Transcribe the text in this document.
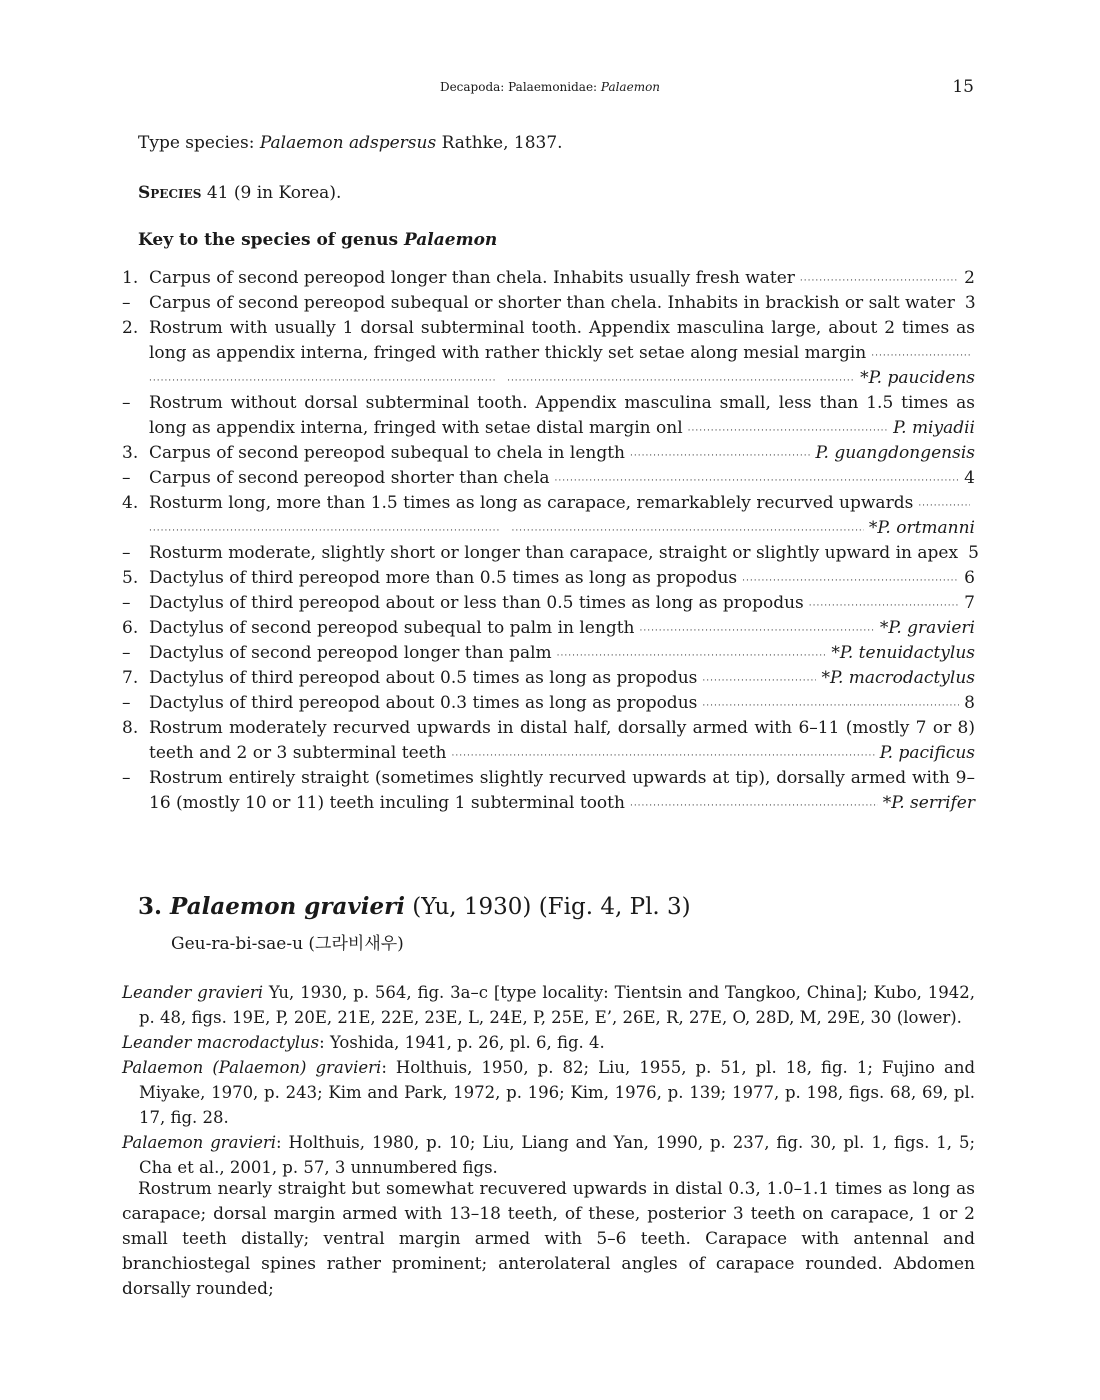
Decapoda: Palaemonidae: Palaemon	15
Type species: Palaemon adspersus Rathke, 1837.
Species 41 (9 in Korea).
Key to the species of genus Palaemon
1. Carpus of second pereopod longer than chela. Inhabits usually fresh water ·····	2
–	Carpus of second pereopod subequal or shorter than chela. Inhabits in brackish or salt water 3
2. Rostrum with usually 1 dorsal subterminal tooth. Appendix masculina large, about 2 times as
long as appendix interna, fringed with rather thickly set setae along mesial margin
·····
·····
·····
*P. paucidens
–	Rostrum without dorsal subterminal tooth. Appendix masculina small, less than 1.5 times as
long as appendix interna, fringed with setae distal margin onl ·····	P. miyadii
3. Carpus of second pereopod subequal to chela in length ·····	P. guangdongensis
–	Carpus of second pereopod shorter than chela ·····	4
4. Rosturm long, more than 1.5 times as long as carapace, remarkablely recurved upwards
·····
·····
·····
*P. ortmanni
–	Rosturm moderate, slightly short or longer than carapace, straight or slightly upward in apex 5
5. Dactylus of third pereopod more than 0.5 times as long as propodus ·····	6
–	Dactylus of third pereopod about or less than 0.5 times as long as propodus ·····	7
6. Dactylus of second pereopod subequal to palm in length ·····	*P. gravieri
–	Dactylus of second pereopod longer than palm ·····	*P. tenuidactylus
7. Dactylus of third pereopod about 0.5 times as long as propodus ·····	*P. macrodactylus
–	Dactylus of third pereopod about 0.3 times as long as propodus ·····	8
8. Rostrum moderately recurved upwards in distal half, dorsally armed with 6–11 (mostly 7 or 8)
teeth and 2 or 3 subterminal teeth ·····	P. pacificus
–	Rostrum entirely straight (sometimes slightly recurved upwards at tip), dorsally armed with 9–
16 (mostly 10 or 11) teeth inculing 1 subterminal tooth ·····	*P. serrifer
3. Palaemon gravieri (Yu, 1930) (Fig. 4, Pl. 3)
Geu-ra-bi-sae-u (그라비새우)
Leander gravieri Yu, 1930, p. 564, fig. 3a–c [type locality: Tientsin and Tangkoo, China]; Kubo, 1942, p. 48, figs. 19E, P, 20E, 21E, 22E, 23E, L, 24E, P, 25E, E’, 26E, R, 27E, O, 28D, M, 29E, 30 (lower).
Leander macrodactylus: Yoshida, 1941, p. 26, pl. 6, fig. 4.
Palaemon (Palaemon) gravieri: Holthuis, 1950, p. 82; Liu, 1955, p. 51, pl. 18, fig. 1; Fujino and Miyake, 1970, p. 243; Kim and Park, 1972, p. 196; Kim, 1976, p. 139; 1977, p. 198, figs. 68, 69, pl. 17, fig. 28.
Palaemon gravieri: Holthuis, 1980, p. 10; Liu, Liang and Yan, 1990, p. 237, fig. 30, pl. 1, figs. 1, 5; Cha et al., 2001, p. 57, 3 unnumbered figs.
Rostrum nearly straight but somewhat recuvered upwards in distal 0.3, 1.0–1.1 times as long as carapace; dorsal margin armed with 13–18 teeth, of these, posterior 3 teeth on carapace, 1 or 2 small teeth distally; ventral margin armed with 5–6 teeth. Carapace with antennal and branchiostegal spines rather prominent; anterolateral angles of carapace rounded. Abdomen dorsally rounded;
